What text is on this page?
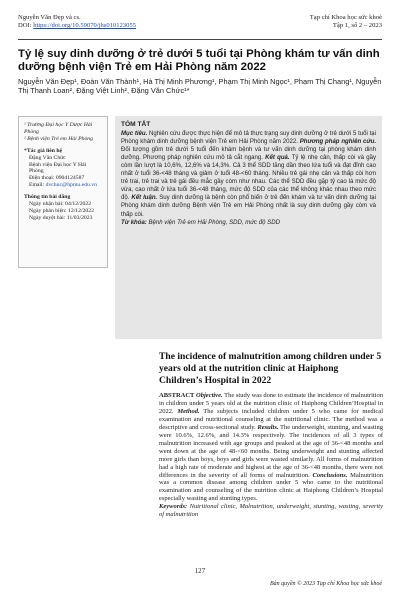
Nguyễn Văn Đẹp và cs.
DOI: https://doi.org/10.59070/jhs010123055
Tạp chí Khoa học sức khoẻ
Tập 1, số 2 – 2023
Tỷ lệ suy dinh dưỡng ở trẻ dưới 5 tuổi tại Phòng khám tư vấn dinh dưỡng bệnh viện Trẻ em Hải Phòng năm 2022
Nguyễn Văn Đẹp¹, Đoàn Văn Thành¹, Hà Thị Minh Phương¹, Phạm Thị Minh Ngọc¹, Phạm Thị Chang¹, Nguyễn Thị Thanh Loan², Đặng Việt Linh², Đặng Văn Chức¹*
¹ Trường Đại học Y Dược Hải Phòng
² Bệnh viện Trẻ em Hải Phòng
*Tác giả liên hệ
Đặng Văn Chức
Bệnh viện Đại học Y Hải Phòng
Điện thoại: 0904124587
Email: dvchuc@hpmu.edu.vn
Thông tin bài đăng
Ngày nhận bài: 04/12/2022
Ngày phản biện: 12/12/2022
Ngày duyệt bài: 11/03/2023
TÓM TẮT

Mục tiêu. Nghiên cứu được thực hiện để mô tả thực trạng suy dinh dưỡng ở trẻ dưới 5 tuổi tại Phòng khám dinh dưỡng bệnh viện Trẻ em Hải Phòng năm 2022. Phương pháp nghiên cứu. Đối tượng gồm trẻ dưới 5 tuổi đến khám bệnh và tư vấn dinh dưỡng tại phòng khám dinh dưỡng. Phương pháp nghiên cứu mô tả cắt ngang. Kết quả. Tỷ lệ nhẹ cân, thấp còi và gầy còm lần lượt là 10,6%, 12,6% và 14,3%. Cả 3 thể SDD tăng dần theo lứa tuổi và đạt đỉnh cao nhất ở tuổi 36-<48 tháng và giảm ở tuổi 48-<60 tháng. Nhiều trẻ gái nhẹ cân và thấp còi hơn trẻ trai, trẻ trai và trẻ gái đều mắc gầy còm như nhau. Các thể SDD đều gặp tỷ cao là mức độ vừa, cao nhất ở lứa tuổi 36-<48 tháng, mức độ SDD của các thể không khác nhau theo mức độ. Kết luận. Suy dinh dưỡng là bệnh còn phổ biến ở trẻ đến khám và tư vấn dinh dưỡng tại Phòng khám dinh dưỡng Bệnh viện Trẻ em Hải Phòng nhất là suy dinh dưỡng gầy còm và thấp còi.

Từ khóa: Bệnh viện Trẻ em Hải Phòng, SDD, mức độ SDD

The incidence of malnutrition among children under 5 years old at the nutrition clinic at Haiphong Children’s Hospital in 2022

ABSTRACT Objective. The study was done to estimate the incidence of malnutrition in children under 5 years old at the nutrition clinic of Haiphong Children’Hospital in 2022. Method. The subjects included children under 5 who came for medical examination and nutritional counseling at the nutritional clinic. The method was a descriptive and cross-sectional study. Results. The underweight, stunting, and wasting were 10.6%, 12.6%, and 14.3% respectively. The incidences of all 3 types of malnutrition increased with age groups and peaked at the age of 36-<48 months and went down at the age of 48-<60 months. Being underweight and stunting affected more girls than boys, boys and girls were wasted similarly. All forms of malnutrition had a high rate of moderate and highest at the age of 36-<48 months, there were not differences in the severity of all forms of malnutrition. Conclusions. Malnutrition was a common disease among children under 5 who came to the nutritional examination and counseling of the nutrition clinic at Haiphong Children’s Hospital especially wasting and stunting types.

Keywords: Nutritional clinic, Malnutrition, underweight, stunting, wasting, severity of malnutrition

127
Bản quyền © 2023 Tạp chí Khoa học sức khoẻ
